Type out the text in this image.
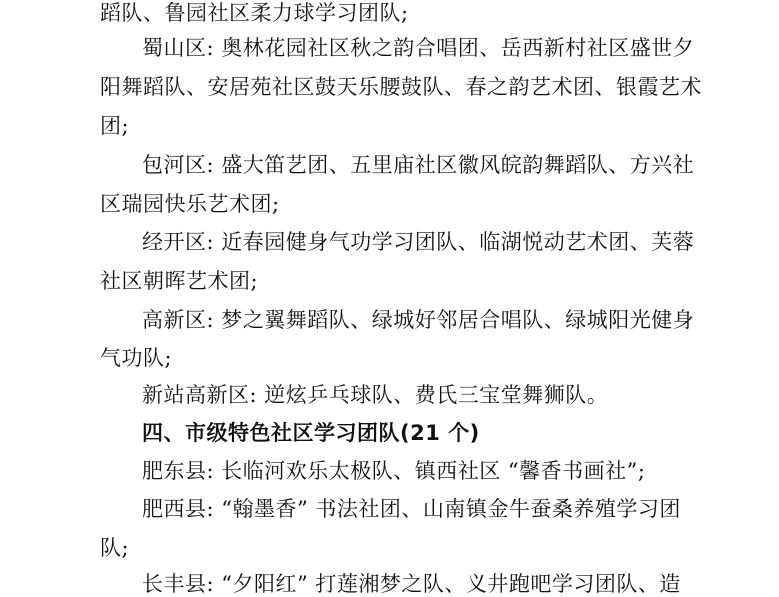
蹈队、鲁园社区柔力球学习团队;
蜀山区: 奥林花园社区秋之韵合唱团、岳西新村社区盛世夕
阳舞蹈队、安居苑社区鼓天乐腰鼓队、春之韵艺术团、银霞艺术
团;
包河区: 盛大笛艺团、五里庙社区徽风皖韵舞蹈队、方兴社
区瑞园快乐艺术团;
经开区: 近春园健身气功学习团队、临湖悦动艺术团、芙蓉
社区朝晖艺术团;
高新区: 梦之翼舞蹈队、绿城好邻居合唱队、绿城阳光健身
气功队;
新站高新区: 逆炫乒乓球队、费氏三宝堂舞狮队。
四、市级特色社区学习团队(21 个)
肥东县: 长临河欢乐太极队、镇西社区 “馨香书画社”;
肥西县: “翰墨香” 书法社团、山南镇金牛蚕桑养殖学习团
队;
长丰县: “夕阳红” 打莲湘梦之队、义井跑吧学习团队、造
